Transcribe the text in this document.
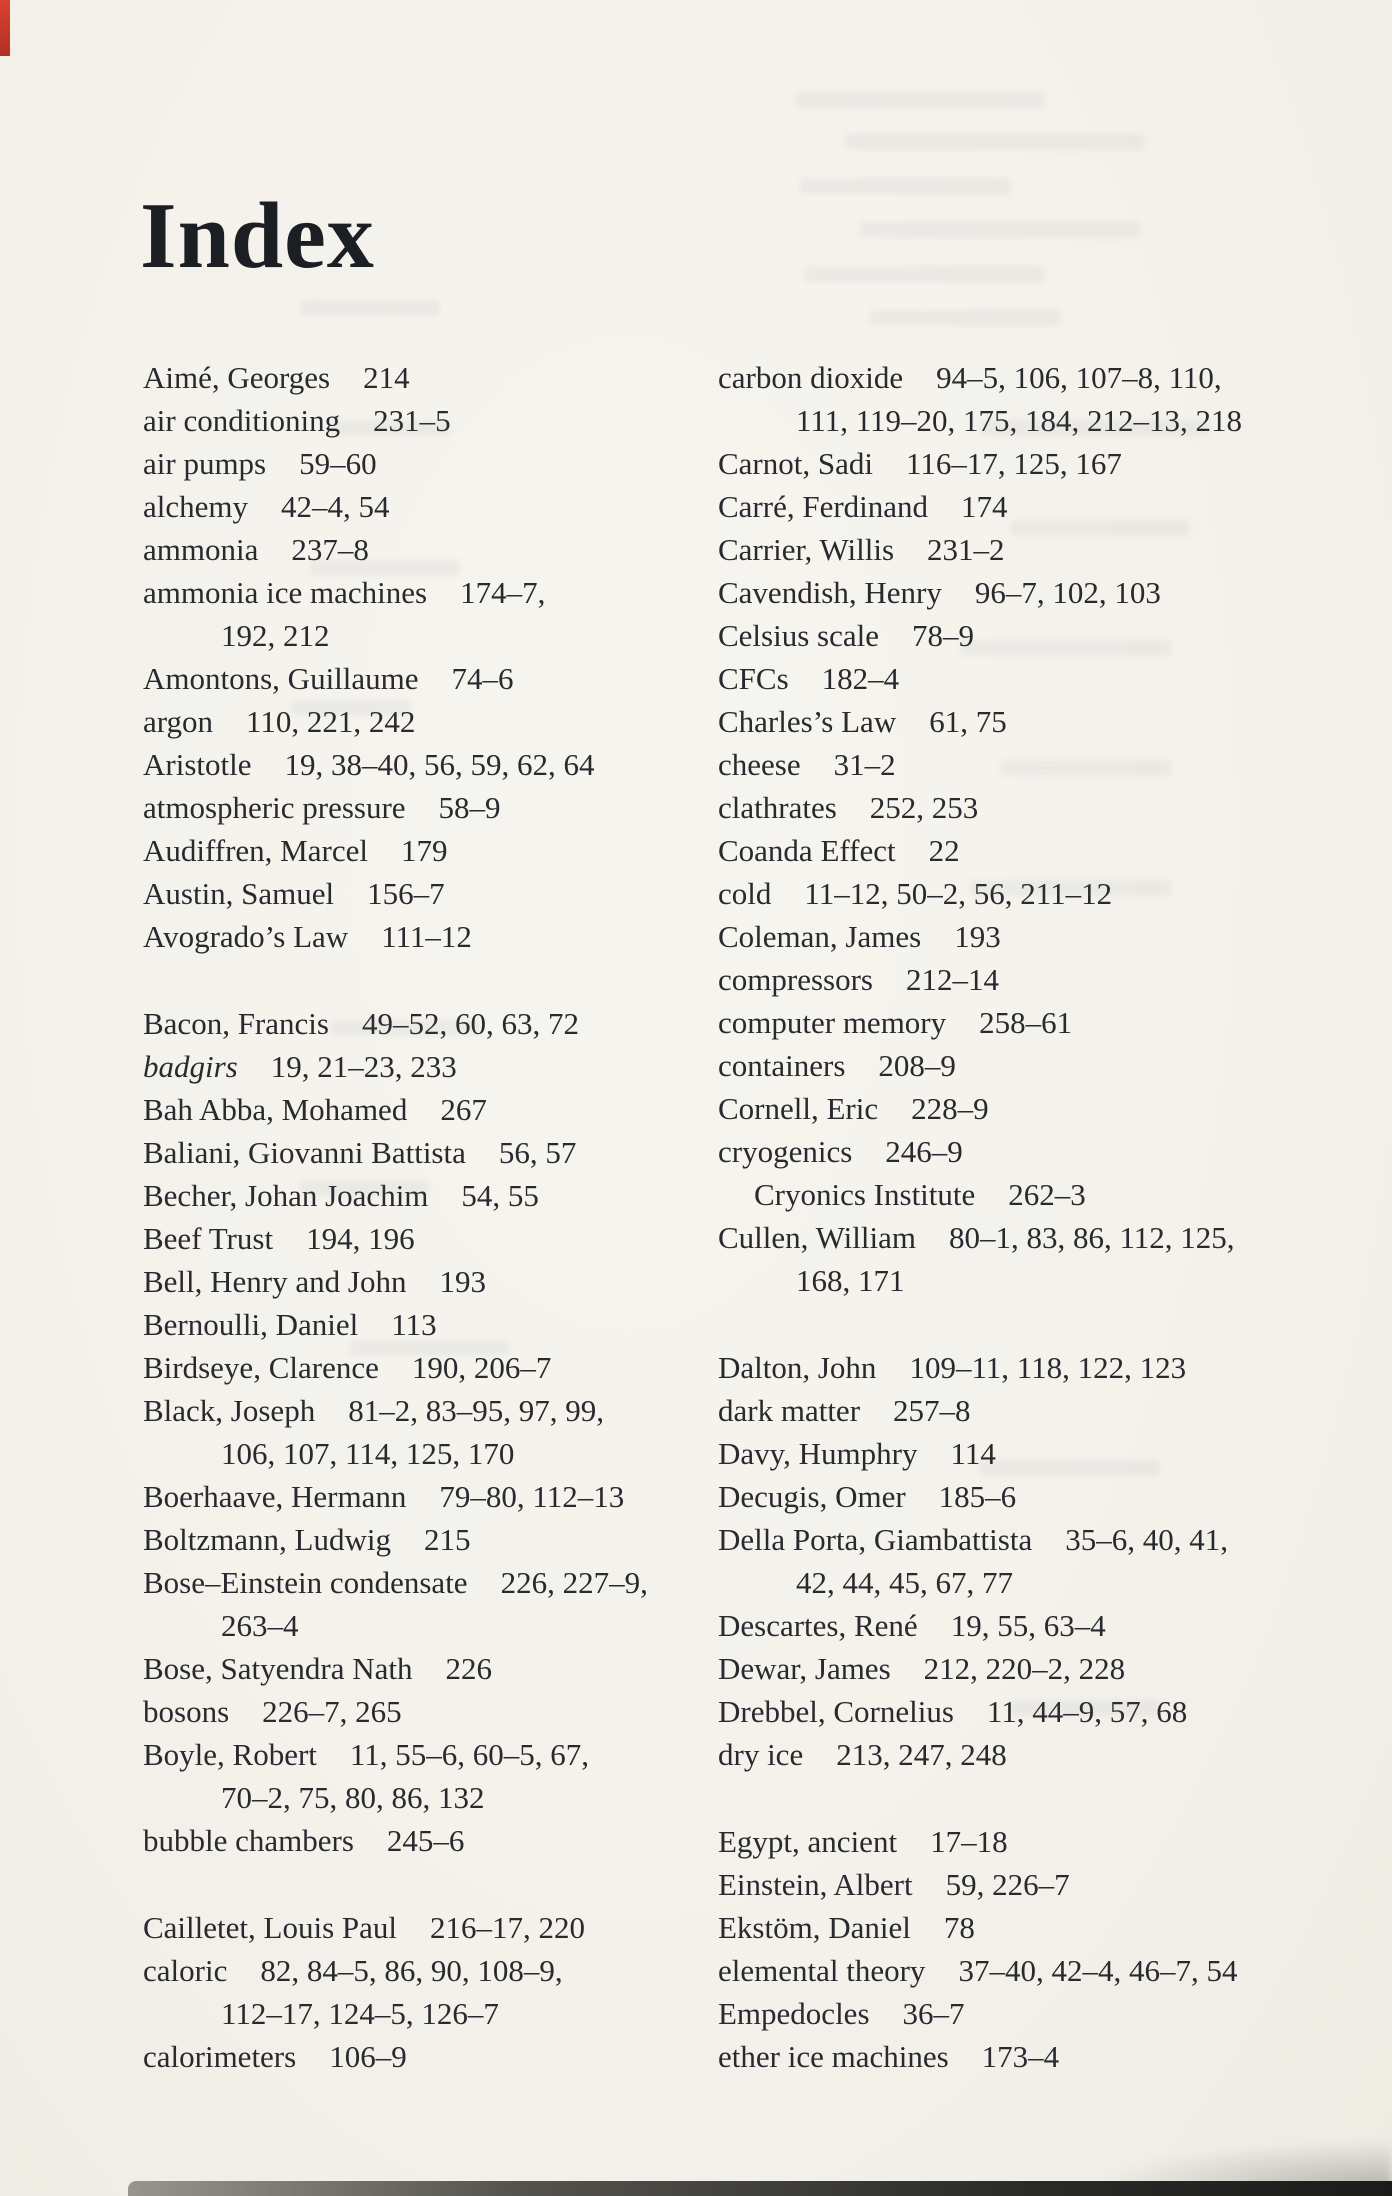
Index
Aimé, Georges 214
air conditioning 231–5
air pumps 59–60
alchemy 42–4, 54
ammonia 237–8
ammonia ice machines 174–7,
192, 212
Amontons, Guillaume 74–6
argon 110, 221, 242
Aristotle 19, 38–40, 56, 59, 62, 64
atmospheric pressure 58–9
Audiffren, Marcel 179
Austin, Samuel 156–7
Avogrado’s Law 111–12
Bacon, Francis 49–52, 60, 63, 72
badgirs 19, 21–23, 233
Bah Abba, Mohamed 267
Baliani, Giovanni Battista 56, 57
Becher, Johan Joachim 54, 55
Beef Trust 194, 196
Bell, Henry and John 193
Bernoulli, Daniel 113
Birdseye, Clarence 190, 206–7
Black, Joseph 81–2, 83–95, 97, 99,
106, 107, 114, 125, 170
Boerhaave, Hermann 79–80, 112–13
Boltzmann, Ludwig 215
Bose–Einstein condensate 226, 227–9,
263–4
Bose, Satyendra Nath 226
bosons 226–7, 265
Boyle, Robert 11, 55–6, 60–5, 67,
70–2, 75, 80, 86, 132
bubble chambers 245–6
Cailletet, Louis Paul 216–17, 220
caloric 82, 84–5, 86, 90, 108–9,
112–17, 124–5, 126–7
calorimeters 106–9
carbon dioxide 94–5, 106, 107–8, 110,
111, 119–20, 175, 184, 212–13, 218
Carnot, Sadi 116–17, 125, 167
Carré, Ferdinand 174
Carrier, Willis 231–2
Cavendish, Henry 96–7, 102, 103
Celsius scale 78–9
CFCs 182–4
Charles’s Law 61, 75
cheese 31–2
clathrates 252, 253
Coanda Effect 22
cold 11–12, 50–2, 56, 211–12
Coleman, James 193
compressors 212–14
computer memory 258–61
containers 208–9
Cornell, Eric 228–9
cryogenics 246–9
Cryonics Institute 262–3
Cullen, William 80–1, 83, 86, 112, 125,
168, 171
Dalton, John 109–11, 118, 122, 123
dark matter 257–8
Davy, Humphry 114
Decugis, Omer 185–6
Della Porta, Giambattista 35–6, 40, 41,
42, 44, 45, 67, 77
Descartes, René 19, 55, 63–4
Dewar, James 212, 220–2, 228
Drebbel, Cornelius 11, 44–9, 57, 68
dry ice 213, 247, 248
Egypt, ancient 17–18
Einstein, Albert 59, 226–7
Ekstöm, Daniel 78
elemental theory 37–40, 42–4, 46–7, 54
Empedocles 36–7
ether ice machines 173–4
